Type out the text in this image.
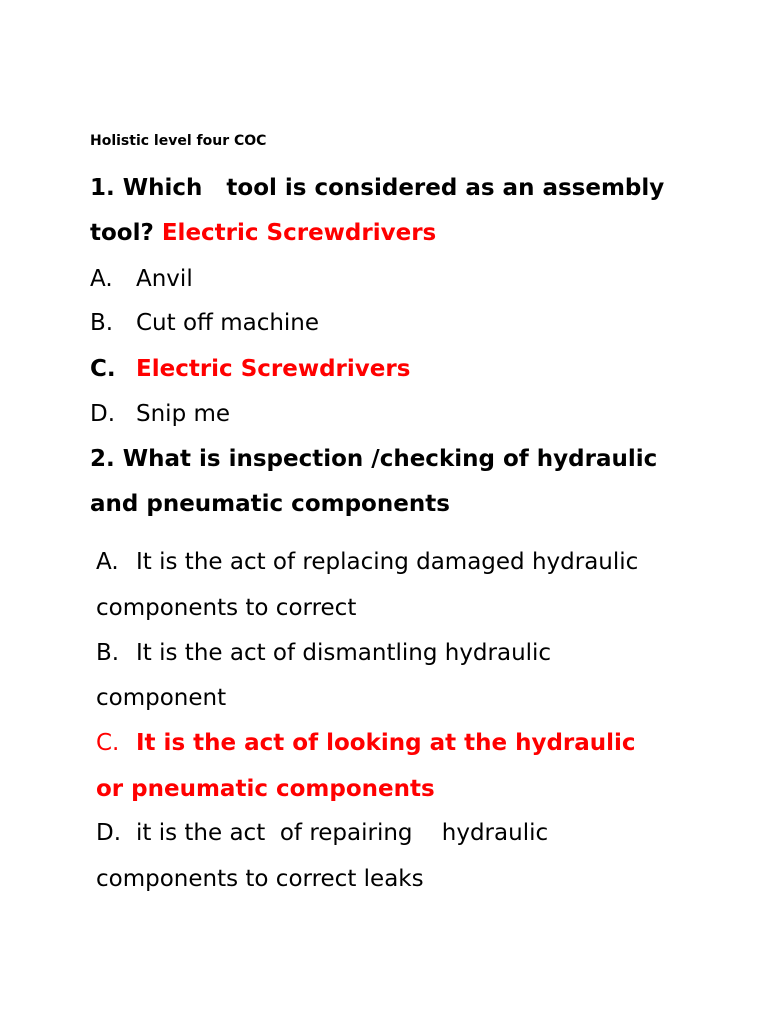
Holistic level four COC
1. Which   tool is considered as an assembly
tool? Electric Screwdrivers
A. Anvil
B. Cut off machine
C. Electric Screwdrivers
D. Snip me
2. What is inspection /checking of hydraulic
and pneumatic components
A. It is the act of replacing damaged hydraulic
components to correct
B. It is the act of dismantling hydraulic
component
C. It is the act of looking at the hydraulic
or pneumatic components
D. it is the act  of repairing    hydraulic
components to correct leaks
